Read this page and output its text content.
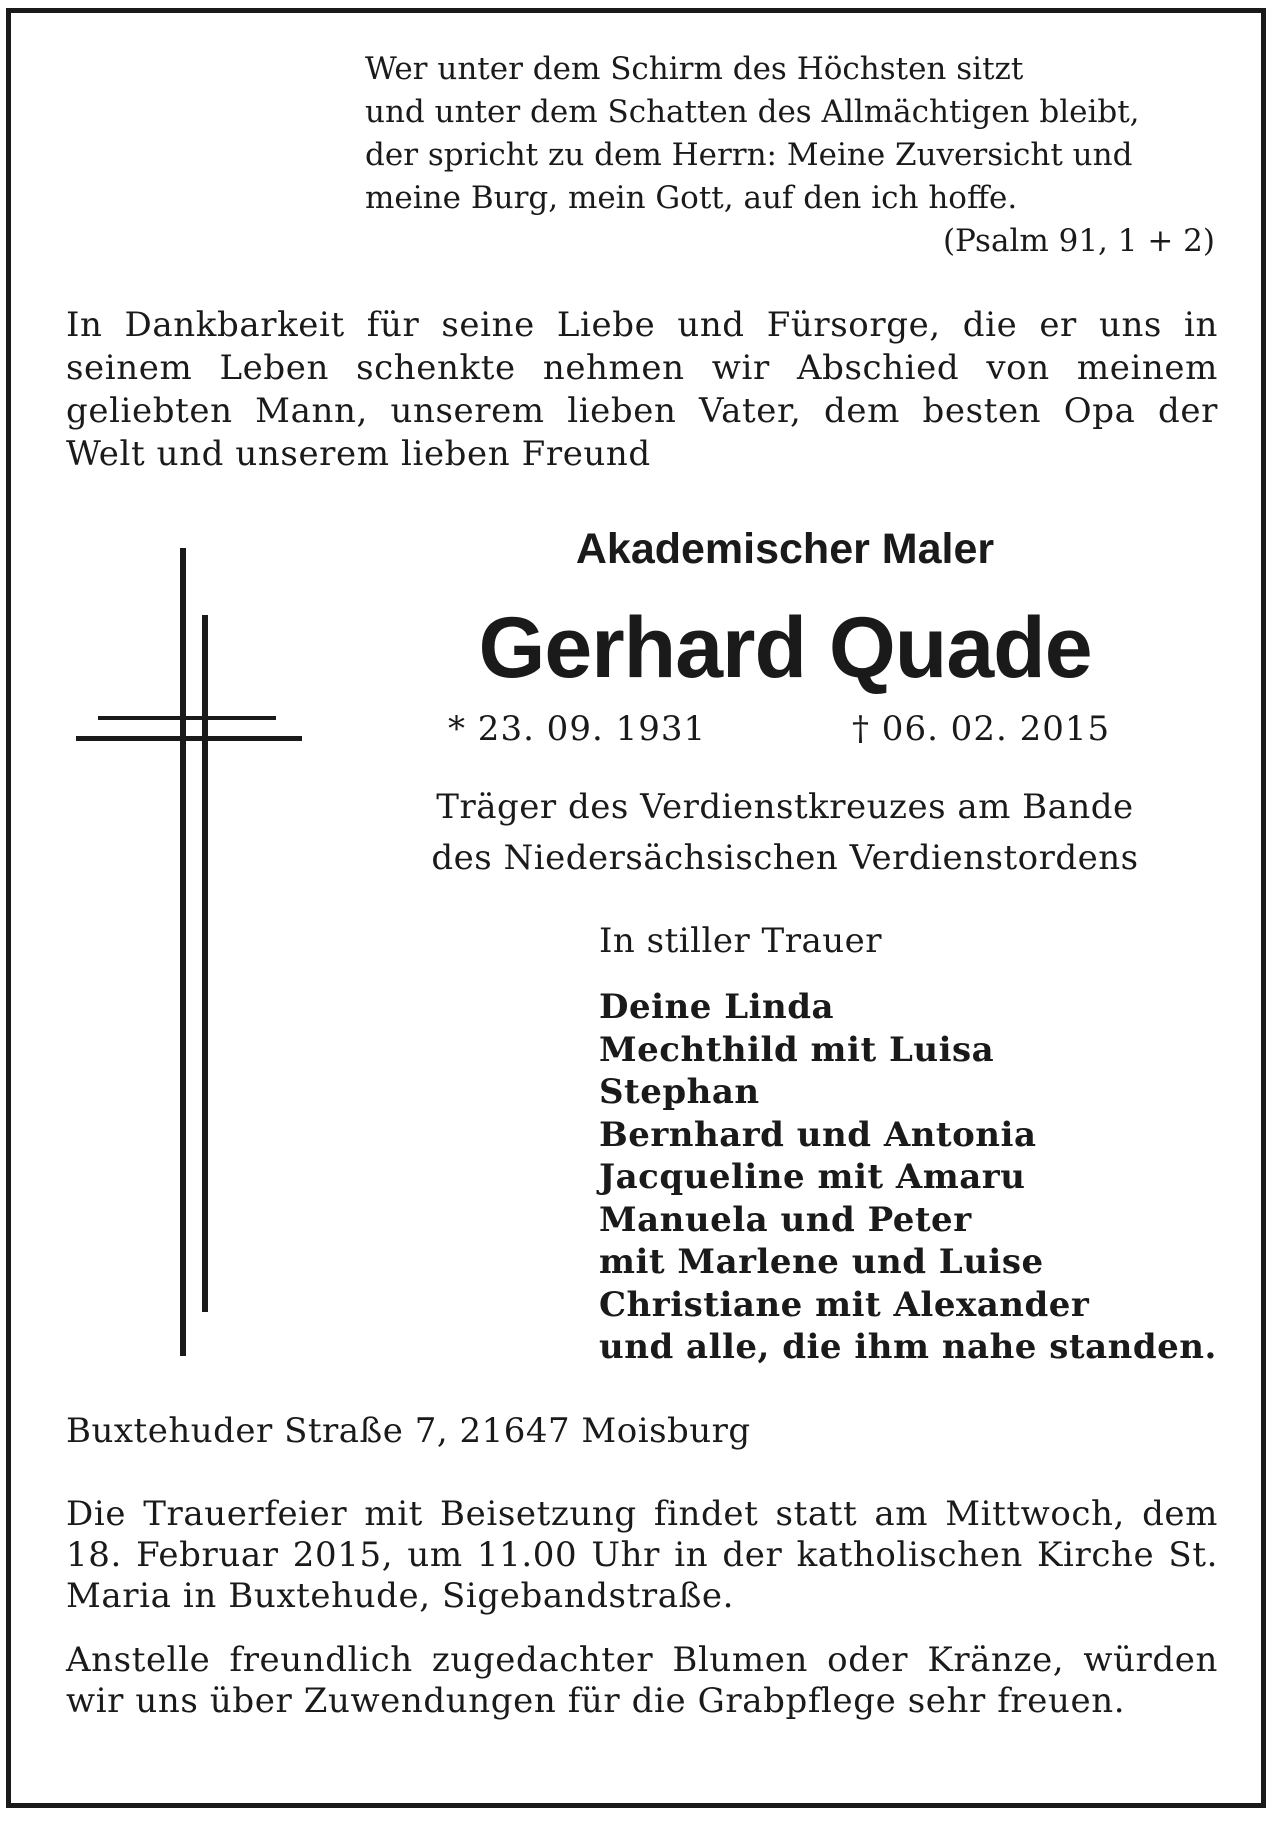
Wer unter dem Schirm des Höchsten sitzt
und unter dem Schatten des Allmächtigen bleibt,
der spricht zu dem Herrn: Meine Zuversicht und
meine Burg, mein Gott, auf den ich hoffe.
(Psalm 91, 1 + 2)
In Dankbarkeit für seine Liebe und Fürsorge, die er uns in seinem Leben schenkte nehmen wir Abschied von meinem geliebten Mann, unserem lieben Vater, dem besten Opa der Welt und unserem lieben Freund
Akademischer Maler
Gerhard Quade
* 23. 09. 1931	† 06. 02. 2015
Träger des Verdienstkreuzes am Bande
des Niedersächsischen Verdienstordens
In stiller Trauer
Deine Linda
Mechthild mit Luisa
Stephan
Bernhard und Antonia
Jacqueline mit Amaru
Manuela und Peter
mit Marlene und Luise
Christiane mit Alexander
und alle, die ihm nahe standen.
Buxtehuder Straße 7, 21647 Moisburg
Die Trauerfeier mit Beisetzung findet statt am Mittwoch, dem 18. Februar 2015, um 11.00 Uhr in der katholischen Kirche St. Maria in Buxtehude, Sigebandstraße.
Anstelle freundlich zugedachter Blumen oder Kränze, würden wir uns über Zuwendungen für die Grabpflege sehr freuen.
